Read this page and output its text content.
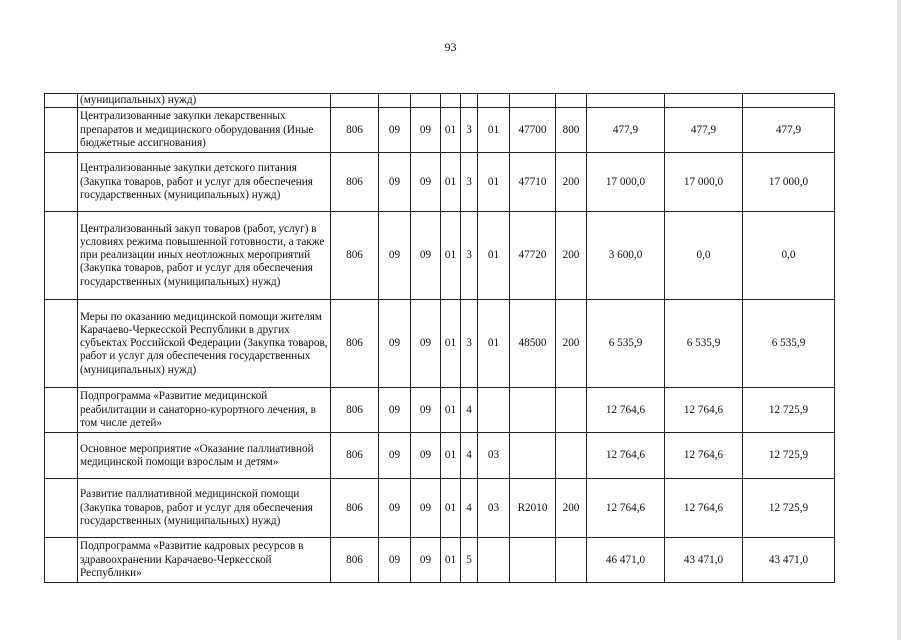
93
	(муниципальных) нужд)											
	Централизованные закупки лекарственных препаратов и медицинского оборудования (Иные бюджетные ассигнования)	806	09	09	01	3	01	47700	800	477,9	477,9	477,9
	Централизованные закупки детского питания (Закупка товаров, работ и услуг для обеспечения государственных (муниципальных) нужд)	806	09	09	01	3	01	47710	200	17 000,0	17 000,0	17 000,0
	Централизованный закуп товаров (работ, услуг) в условиях режима повышенной готовности, а также при реализации иных неотложных мероприятий (Закупка товаров, работ и услуг для обеспечения государственных (муниципальных) нужд)	806	09	09	01	3	01	47720	200	3 600,0	0,0	0,0
	Меры по оказанию медицинской помощи жителям Карачаево-Черкесской Республики в других субъектах Российской Федерации (Закупка товаров, работ и услуг для обеспечения государственных (муниципальных) нужд)	806	09	09	01	3	01	48500	200	6 535,9	6 535,9	6 535,9
	Подпрограмма «Развитие медицинской реабилитации и санаторно-курортного лечения, в том числе детей»	806	09	09	01	4				12 764,6	12 764,6	12 725,9
	Основное мероприятие «Оказание паллиативной медицинской помощи взрослым и детям»	806	09	09	01	4	03			12 764,6	12 764,6	12 725,9
	Развитие паллиативной медицинской помощи (Закупка товаров, работ и услуг для обеспечения государственных (муниципальных) нужд)	806	09	09	01	4	03	R2010	200	12 764,6	12 764,6	12 725,9
	Подпрограмма «Развитие кадровых ресурсов в здравоохранении Карачаево-Черкесской Республики»	806	09	09	01	5				46 471,0	43 471,0	43 471,0
